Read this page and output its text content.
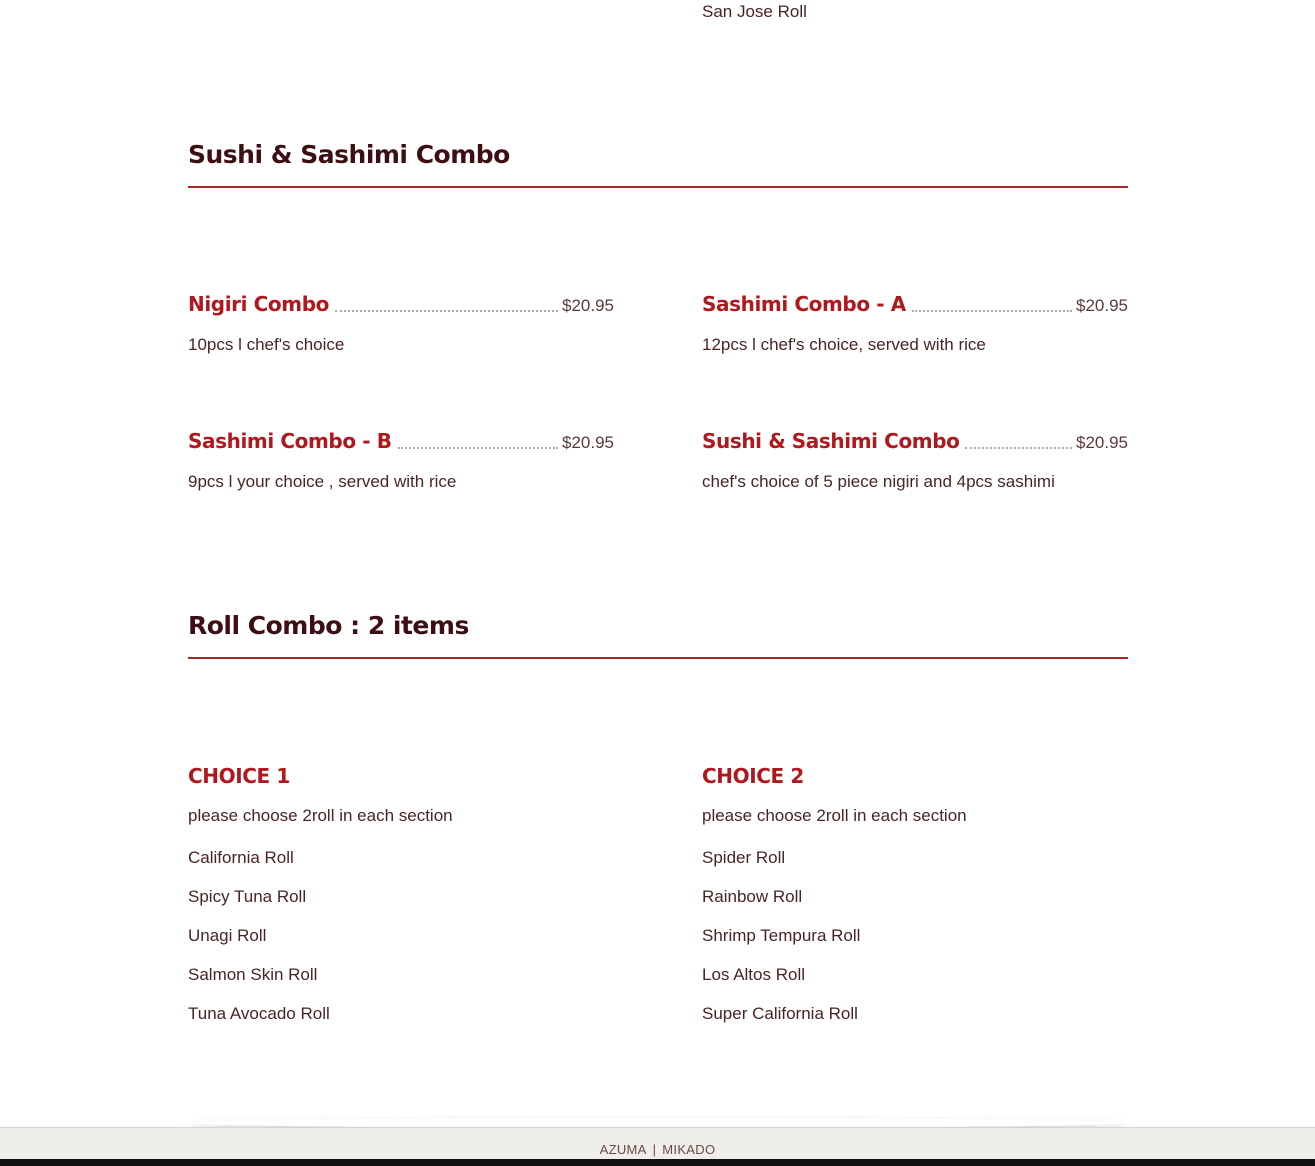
San Jose Roll
Sushi & Sashimi Combo
Nigiri Combo	$20.95
10pcs l chef's choice
Sashimi Combo - A	$20.95
12pcs l chef's choice, served with rice
Sashimi Combo - B	$20.95
9pcs l your choice , served with rice
Sushi & Sashimi Combo	$20.95
chef's choice of 5 piece nigiri and 4pcs sashimi
Roll Combo : 2 items
CHOICE 1
please choose 2roll in each section
California Roll
Spicy Tuna Roll
Unagi Roll
Salmon Skin Roll
Tuna Avocado Roll
CHOICE 2
please choose 2roll in each section
Spider Roll
Rainbow Roll
Shrimp Tempura Roll
Los Altos Roll
Super California Roll
AZUMA | MIKADO
